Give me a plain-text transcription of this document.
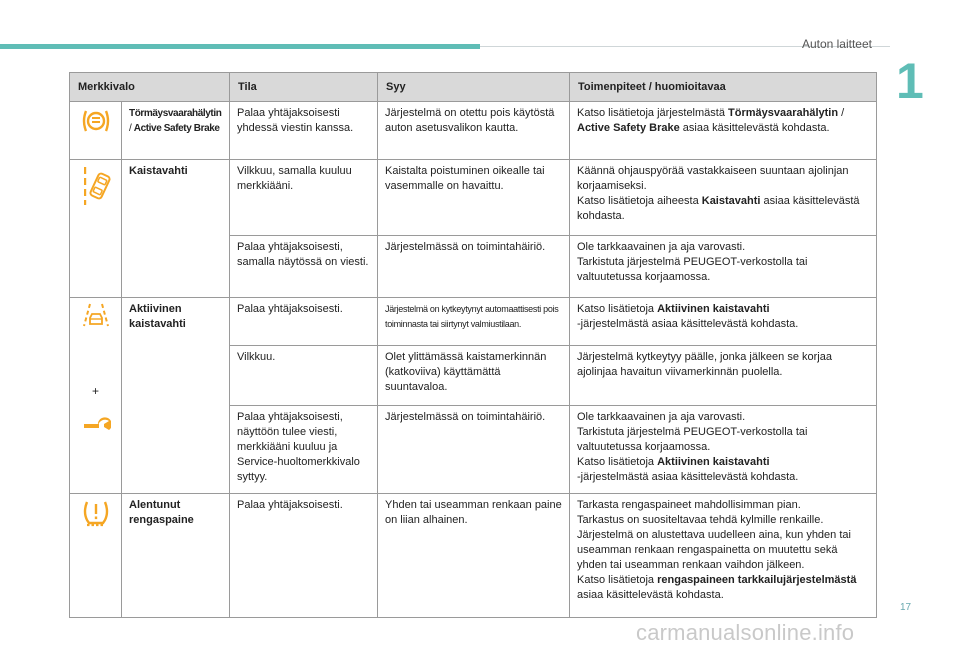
Auton laitteet
1
Merkkivalo		Tila	Syy	Toimenpiteet / huomioitavaa

	Törmäysvaarahälytin / Active Safety Brake	Palaa yhtäjaksoisesti yhdessä viestin kanssa.	Järjestelmä on otettu pois käytöstä auton asetusvalikon kautta.	Katso lisätietoja järjestelmästä Törmäysvaarahälytin / Active Safety Brake asiaa käsittelevästä kohdasta.

	Kaistavahti	Vilkkuu, samalla kuuluu merkkiääni.	Kaistalta poistuminen oikealle tai vasemmalle on havaittu.	Käännä ohjauspyörää vastakkaiseen suuntaan ajolinjan korjaamiseksi.
Katso lisätietoja aiheesta Kaistavahti asiaa käsittelevästä kohdasta.
		Palaa yhtäjaksoisesti, samalla näytössä on viesti.	Järjestelmässä on toimintahäiriö.	Ole tarkkaavainen ja aja varovasti.
Tarkistuta järjestelmä PEUGEOT-verkostolla tai valtuutetussa korjaamossa.

+	Aktiivinen kaistavahti	Palaa yhtäjaksoisesti.	Järjestelmä on kytkeytynyt automaattisesti pois toiminnasta tai siirtynyt valmiustilaan.	Katso lisätietoja Aktiivinen kaistavahti
-järjestelmästä asiaa käsittelevästä kohdasta.
		Vilkkuu.	Olet ylittämässä kaistamerkinnän (katkoviiva) käyttämättä suuntavaloa.	Järjestelmä kytkeytyy päälle, jonka jälkeen se korjaa ajolinjaa havaitun viivamerkinnän puolella.
		Palaa yhtäjaksoisesti, näyttöön tulee viesti, merkkiääni kuuluu ja Service-huoltomerkkivalo syttyy.	Järjestelmässä on toimintahäiriö.	Ole tarkkaavainen ja aja varovasti.
Tarkistuta järjestelmä PEUGEOT-verkostolla tai valtuutetussa korjaamossa.
Katso lisätietoja Aktiivinen kaistavahti
-järjestelmästä asiaa käsittelevästä kohdasta.

	Alentunut rengaspaine	Palaa yhtäjaksoisesti.	Yhden tai useamman renkaan paine on liian alhainen.	Tarkasta rengaspaineet mahdollisimman pian.
Tarkastus on suositeltavaa tehdä kylmille renkaille.
Järjestelmä on alustettava uudelleen aina, kun yhden tai useamman renkaan rengaspainetta on muutettu sekä yhden tai useamman renkaan vaihdon jälkeen.
Katso lisätietoja rengaspaineen tarkkailujärjestelmästä asiaa käsittelevästä kohdasta.
17
carmanualsonline.info
